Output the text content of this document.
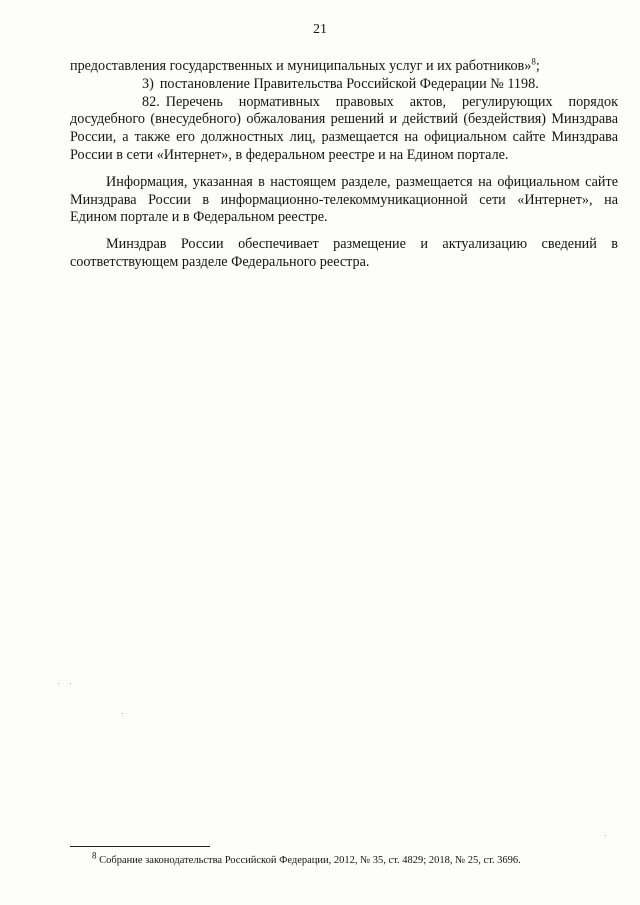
21

предоставления государственных и муниципальных услуг и их работников»$^8$;

3) постановление Правительства Российской Федерации № 1198.

82. Перечень нормативных правовых актов, регулирующих порядок досудебного (внесудебного) обжалования решений и действий (бездействия) Минздрава России, а также его должностных лиц, размещается на официальном сайте Минздрава России в сети «Интернет», в федеральном реестре и на Едином портале.

Информация, указанная в настоящем разделе, размещается на официальном сайте Минздрава России в информационно-телекоммуникационной сети «Интернет», на Едином портале и в Федеральном реестре.

Минздрав России обеспечивает размещение и актуализацию сведений в соответствующем разделе Федерального реестра.

8 Собрание законодательства Российской Федерации, 2012, № 35, ст. 4829; 2018, № 25, ст. 3696.
